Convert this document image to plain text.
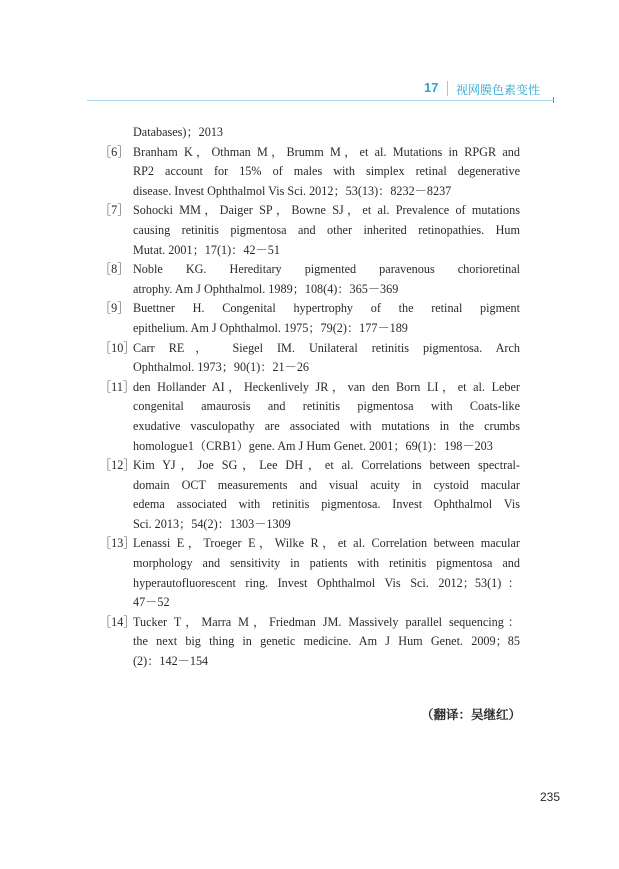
17 视网膜色素变性
Databases)；2013
［6］ Branham K，Othman M，Brumm M，et al. Mutations in RPGR and
RP2 account for 15% of males with simplex retinal degenerative
disease. Invest Ophthalmol Vis Sci. 2012；53(13)：8232－8237
［7］ Sohocki MM，Daiger SP，Bowne SJ，et al. Prevalence of mutations
causing retinitis pigmentosa and other inherited retinopathies. Hum
Mutat. 2001；17(1)：42－51
［8］ Noble KG. Hereditary pigmented paravenous chorioretinal
atrophy. Am J Ophthalmol. 1989；108(4)：365－369
［9］ Buettner H. Congenital hypertrophy of the retinal pigment
epithelium. Am J Ophthalmol. 1975；79(2)：177－189
［10］
Carr RE， Siegel IM. Unilateral retinitis pigmentosa. Arch
Ophthalmol. 1973；90(1)：21－26
［11］
den Hollander AI，Heckenlively JR，van den Born LI，et al. Leber
congenital amaurosis and retinitis pigmentosa with Coats-like
exudative vasculopathy are associated with mutations in the crumbs
homologue1（CRB1）gene. Am J Hum Genet. 2001；69(1)：198－203
［12］
Kim YJ，Joe SG，Lee DH，et al. Correlations between spectral-
domain OCT measurements and visual acuity in cystoid macular
edema associated with retinitis pigmentosa. Invest Ophthalmol Vis
Sci. 2013；54(2)：1303－1309
［13］
Lenassi E，Troeger E，Wilke R，et al. Correlation between macular
morphology and sensitivity in patients with retinitis pigmentosa and
hyperautofluorescent ring. Invest Ophthalmol Vis Sci. 2012；53(1)：
47－52
［14］
Tucker T，Marra M，Friedman JM. Massively parallel sequencing：
the next big thing in genetic medicine. Am J Hum Genet. 2009；85
(2)：142－154
（翻译：吴继红）
235
